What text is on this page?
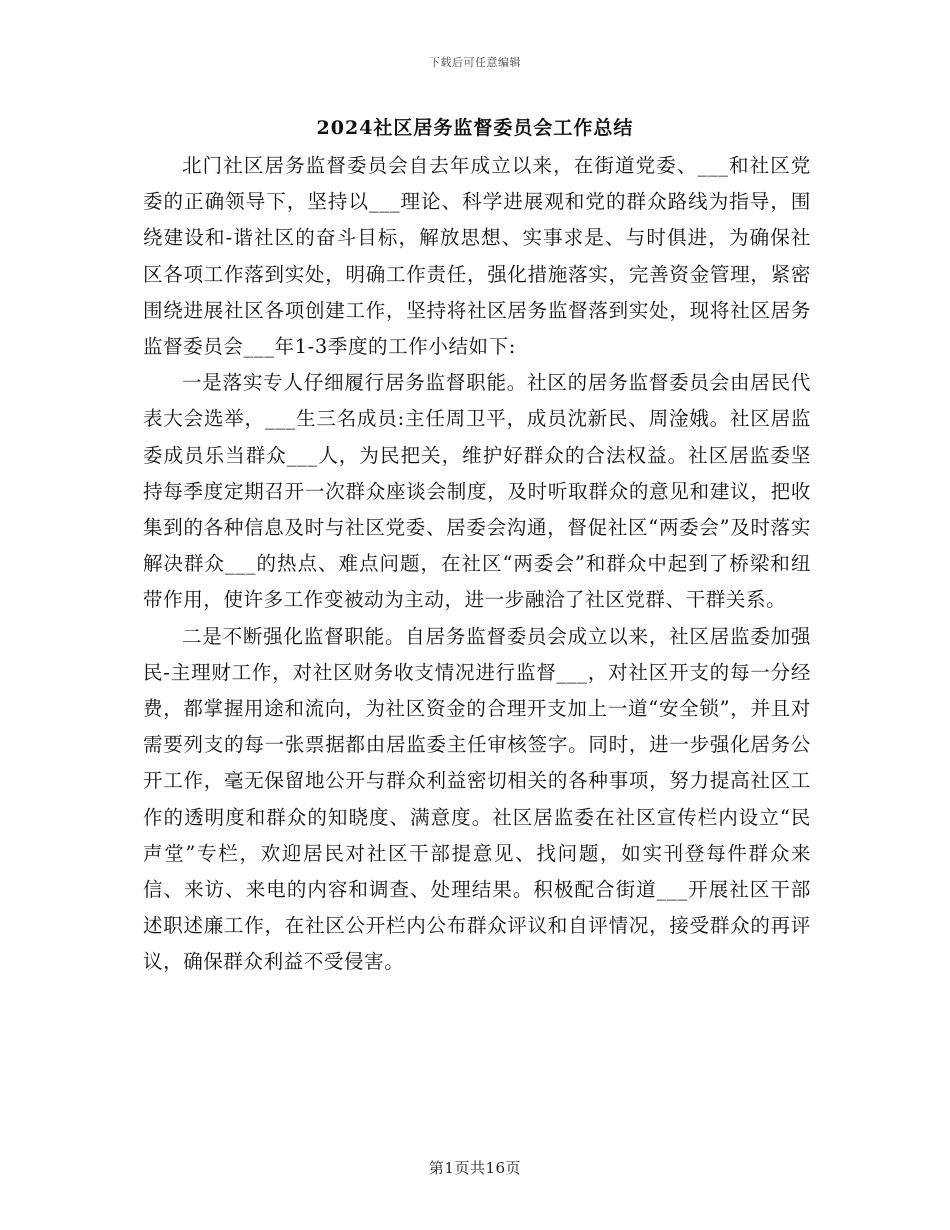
下载后可任意编辑
2024社区居务监督委员会工作总结

北门社区居务监督委员会自去年成立以来，在街道党委、___和社区党委的正确领导下，坚持以___理论、科学进展观和党的群众路线为指导，围绕建设和-谐社区的奋斗目标，解放思想、实事求是、与时俱进，为确保社区各项工作落到实处，明确工作责任，强化措施落实，完善资金管理，紧密围绕进展社区各项创建工作，坚持将社区居务监督落到实处，现将社区居务监督委员会___年1-3季度的工作小结如下:

一是落实专人仔细履行居务监督职能。社区的居务监督委员会由居民代表大会选举，___生三名成员:主任周卫平，成员沈新民、周淦娥。社区居监委成员乐当群众___人，为民把关，维护好群众的合法权益。社区居监委坚持每季度定期召开一次群众座谈会制度，及时听取群众的意见和建议，把收集到的各种信息及时与社区党委、居委会沟通，督促社区“两委会”及时落实解决群众___的热点、难点问题，在社区“两委会”和群众中起到了桥梁和纽带作用，使许多工作变被动为主动，进一步融洽了社区党群、干群关系。

二是不断强化监督职能。自居务监督委员会成立以来，社区居监委加强民-主理财工作，对社区财务收支情况进行监督___，对社区开支的每一分经费，都掌握用途和流向，为社区资金的合理开支加上一道“安全锁”，并且对需要列支的每一张票据都由居监委主任审核签字。同时，进一步强化居务公开工作，毫无保留地公开与群众利益密切相关的各种事项，努力提高社区工作的透明度和群众的知晓度、满意度。社区居监委在社区宣传栏内设立“民声堂”专栏，欢迎居民对社区干部提意见、找问题，如实刊登每件群众来信、来访、来电的内容和调查、处理结果。积极配合街道___开展社区干部述职述廉工作，在社区公开栏内公布群众评议和自评情况，接受群众的再评议，确保群众利益不受侵害。

第1页共16页
